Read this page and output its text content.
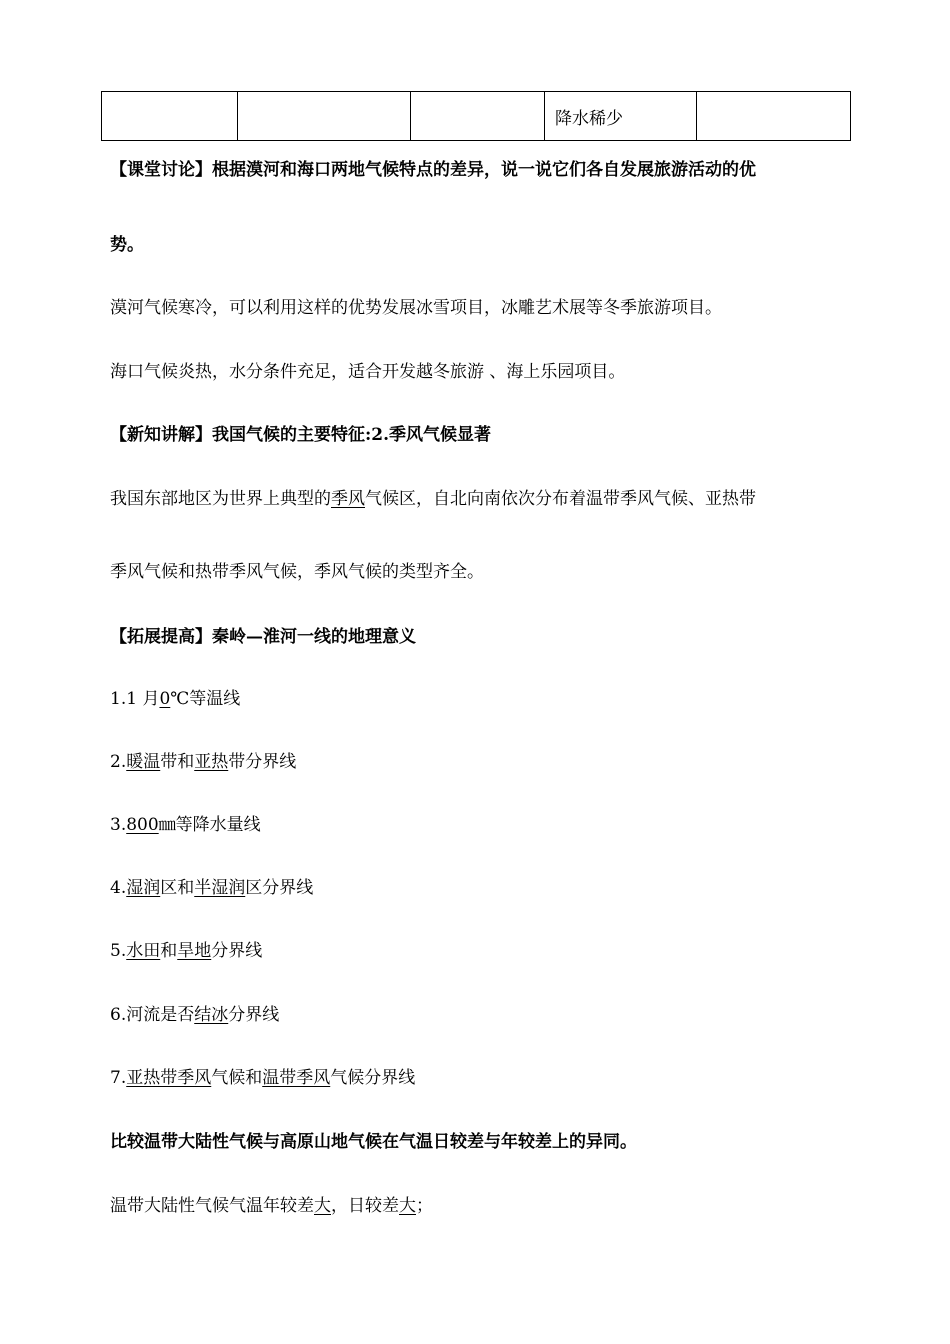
			降水稀少	

【课堂讨论】根据漠河和海口两地气候特点的差异，说一说它们各自发展旅游活动的优

势。

漠河气候寒冷，可以利用这样的优势发展冰雪项目，冰雕艺术展等冬季旅游项目。

海口气候炎热，水分条件充足，适合开发越冬旅游 、海上乐园项目。

【新知讲解】我国气候的主要特征:2.季风气候显著

我国东部地区为世界上典型的季风气候区，自北向南依次分布着温带季风气候、亚热带

季风气候和热带季风气候，季风气候的类型齐全。

【拓展提高】秦岭—淮河一线的地理意义

1.1 月0℃等温线

2.暖温带和亚热带分界线

3.800㎜等降水量线

4.湿润区和半湿润区分界线

5.水田和旱地分界线

6.河流是否结冰分界线

7.亚热带季风气候和温带季风气候分界线

比较温带大陆性气候与高原山地气候在气温日较差与年较差上的异同。

温带大陆性气候气温年较差大，日较差大；
